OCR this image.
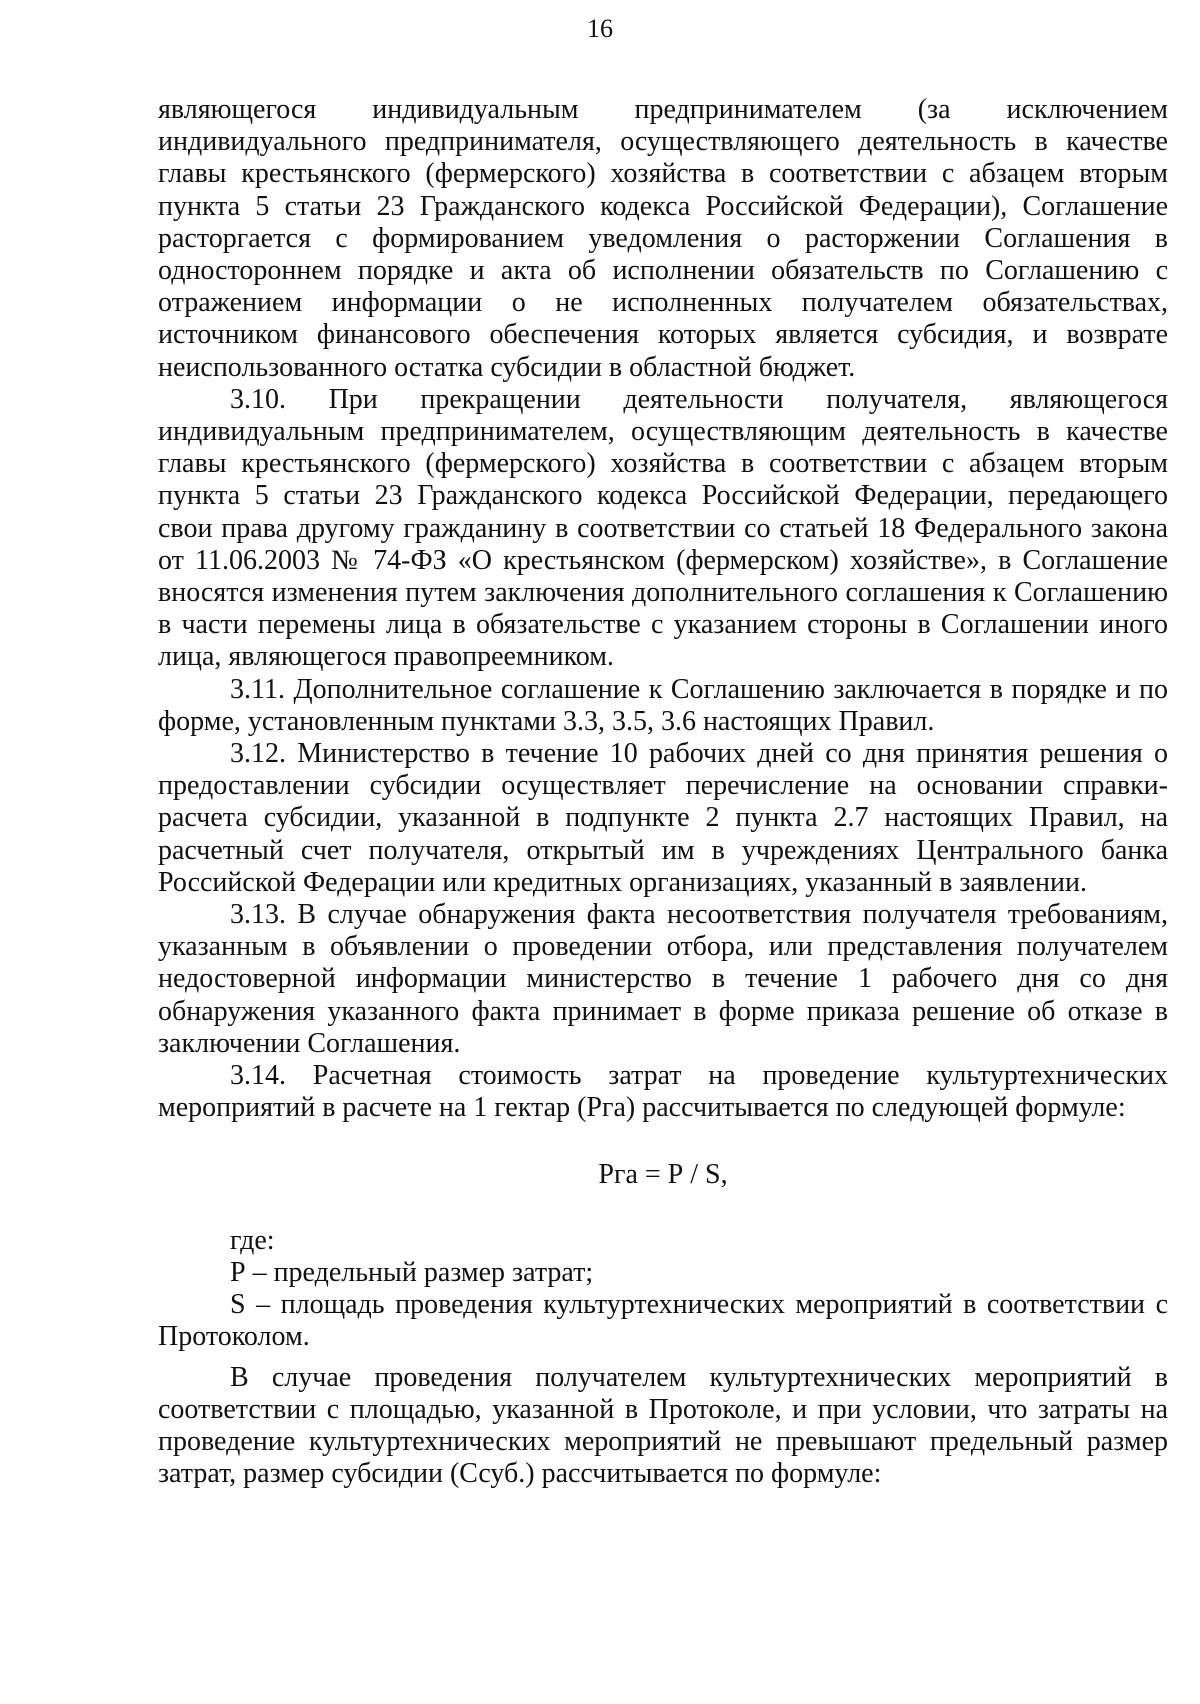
16

являющегося индивидуальным предпринимателем (за исключением индивидуального предпринимателя, осуществляющего деятельность в качестве главы крестьянского (фермерского) хозяйства в соответствии с абзацем вторым пункта 5 статьи 23 Гражданского кодекса Российской Федерации), Соглашение расторгается с формированием уведомления о расторжении Соглашения в одностороннем порядке и акта об исполнении обязательств по Соглашению с отражением информации о не исполненных получателем обязательствах, источником финансового обеспечения которых является субсидия, и возврате неиспользованного остатка субсидии в областной бюджет.

3.10. При прекращении деятельности получателя, являющегося индивидуальным предпринимателем, осуществляющим деятельность в качестве главы крестьянского (фермерского) хозяйства в соответствии с абзацем вторым пункта 5 статьи 23 Гражданского кодекса Российской Федерации, передающего свои права другому гражданину в соответствии со статьей 18 Федерального закона от 11.06.2003 № 74-ФЗ «О крестьянском (фермерском) хозяйстве», в Соглашение вносятся изменения путем заключения дополнительного соглашения к Соглашению в части перемены лица в обязательстве с указанием стороны в Соглашении иного лица, являющегося правопреемником.

3.11. Дополнительное соглашение к Соглашению заключается в порядке и по форме, установленным пунктами 3.3, 3.5, 3.6 настоящих Правил.

3.12. Министерство в течение 10 рабочих дней со дня принятия решения о предоставлении субсидии осуществляет перечисление на основании справки-расчета субсидии, указанной в подпункте 2 пункта 2.7 настоящих Правил, на расчетный счет получателя, открытый им в учреждениях Центрального банка Российской Федерации или кредитных организациях, указанный в заявлении.

3.13. В случае обнаружения факта несоответствия получателя требованиям, указанным в объявлении о проведении отбора, или представления получателем недостоверной информации министерство в течение 1 рабочего дня со дня обнаружения указанного факта принимает в форме приказа решение об отказе в заключении Соглашения.

3.14. Расчетная стоимость затрат на проведение культуртехнических мероприятий в расчете на 1 гектар (Рга) рассчитывается по следующей формуле:

Рга = Р / S,

где:

Р – предельный размер затрат;

S – площадь проведения культуртехнических мероприятий в соответствии с Протоколом.

В случае проведения получателем культуртехнических мероприятий в соответствии с площадью, указанной в Протоколе, и при условии, что затраты на проведение культуртехнических мероприятий не превышают предельный размер затрат, размер субсидии (Ссуб.) рассчитывается по формуле:
